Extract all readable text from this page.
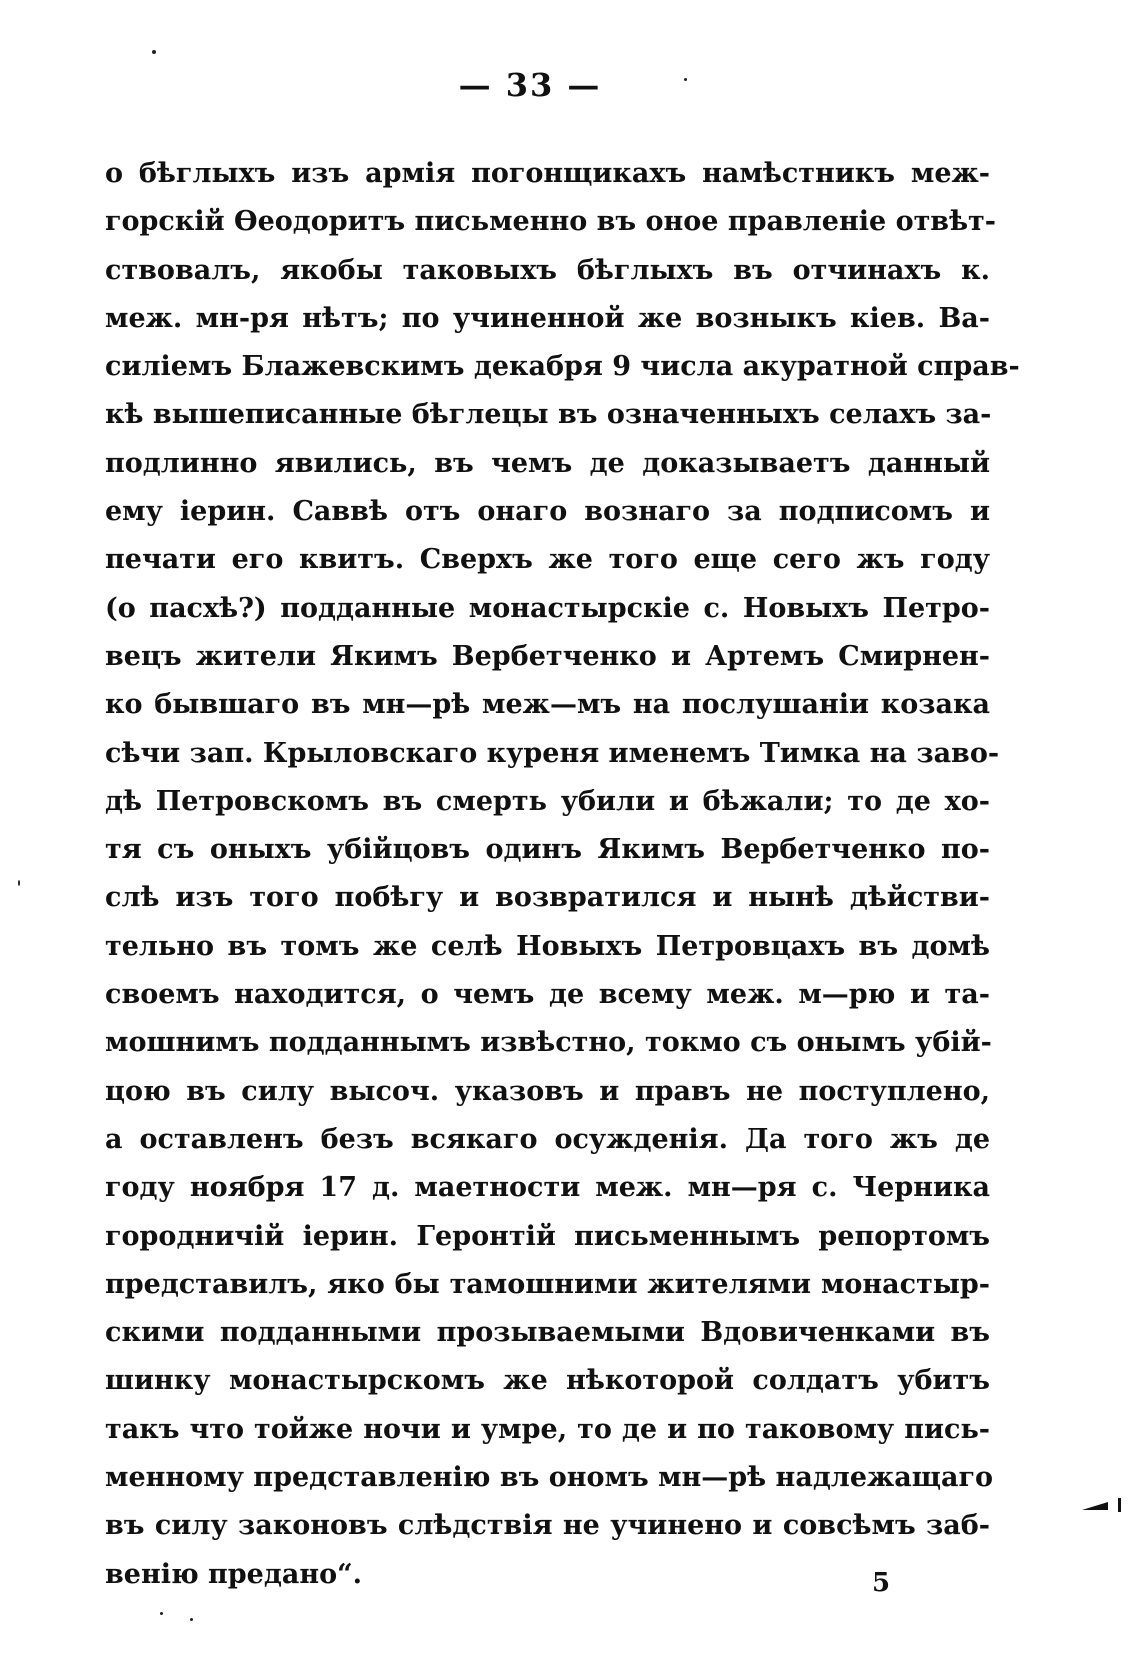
— 33 —
о бѣглыхъ изъ армія погонщикахъ намѣстникъ меж-
горскій Ѳеодоритъ письменно въ оное правленіе отвѣт-
ствовалъ, якобы таковыхъ бѣглыхъ въ отчинахъ к.
меж. мн-ря нѣтъ; по учиненной же возныкъ кіев. Ва-
силіемъ Блажевскимъ декабря 9 числа акуратной справ-
кѣ вышеписанные бѣглецы въ означенныхъ селахъ за-
подлинно явились, въ чемъ де доказываетъ данный
ему іерин. Саввѣ отъ онаго вознаго за подписомъ и
печати его квитъ. Сверхъ же того еще сего жъ году
(о пасхѣ?) подданные монастырскіе с. Новыхъ Петро-
вецъ жители Якимъ Вербетченко и Артемъ Смирнен-
ко бывшаго въ мн—рѣ меж—мъ на послушаніи козака
сѣчи зап. Крыловскаго куреня именемъ Тимка на заво-
дѣ Петровскомъ въ смерть убили и бѣжали; то де хо-
тя съ оныхъ убійцовъ одинъ Якимъ Вербетченко по-
слѣ изъ того побѣгу и возвратился и нынѣ дѣйстви-
тельно въ томъ же селѣ Новыхъ Петровцахъ въ домѣ
своемъ находится, о чемъ де всему меж. м—рю и та-
мошнимъ подданнымъ извѣстно, токмо съ онымъ убій-
цою въ силу высоч. указовъ и правъ не поступлено,
а оставленъ безъ всякаго осужденія. Да того жъ де
году ноября 17 д. маетности меж. мн—ря с. Черника
городничій іерин. Геронтій письменнымъ репортомъ
представилъ, яко бы тамошними жителями монастыр-
скими подданными прозываемыми Вдовиченками въ
шинку монастырскомъ же нѣкоторой солдатъ убитъ
такъ что тойже ночи и умре, то де и по таковому пись-
менному представленію въ ономъ мн—рѣ надлежащаго
въ силу законовъ слѣдствія не учинено и совсѣмъ заб-
венію предано“.	5
